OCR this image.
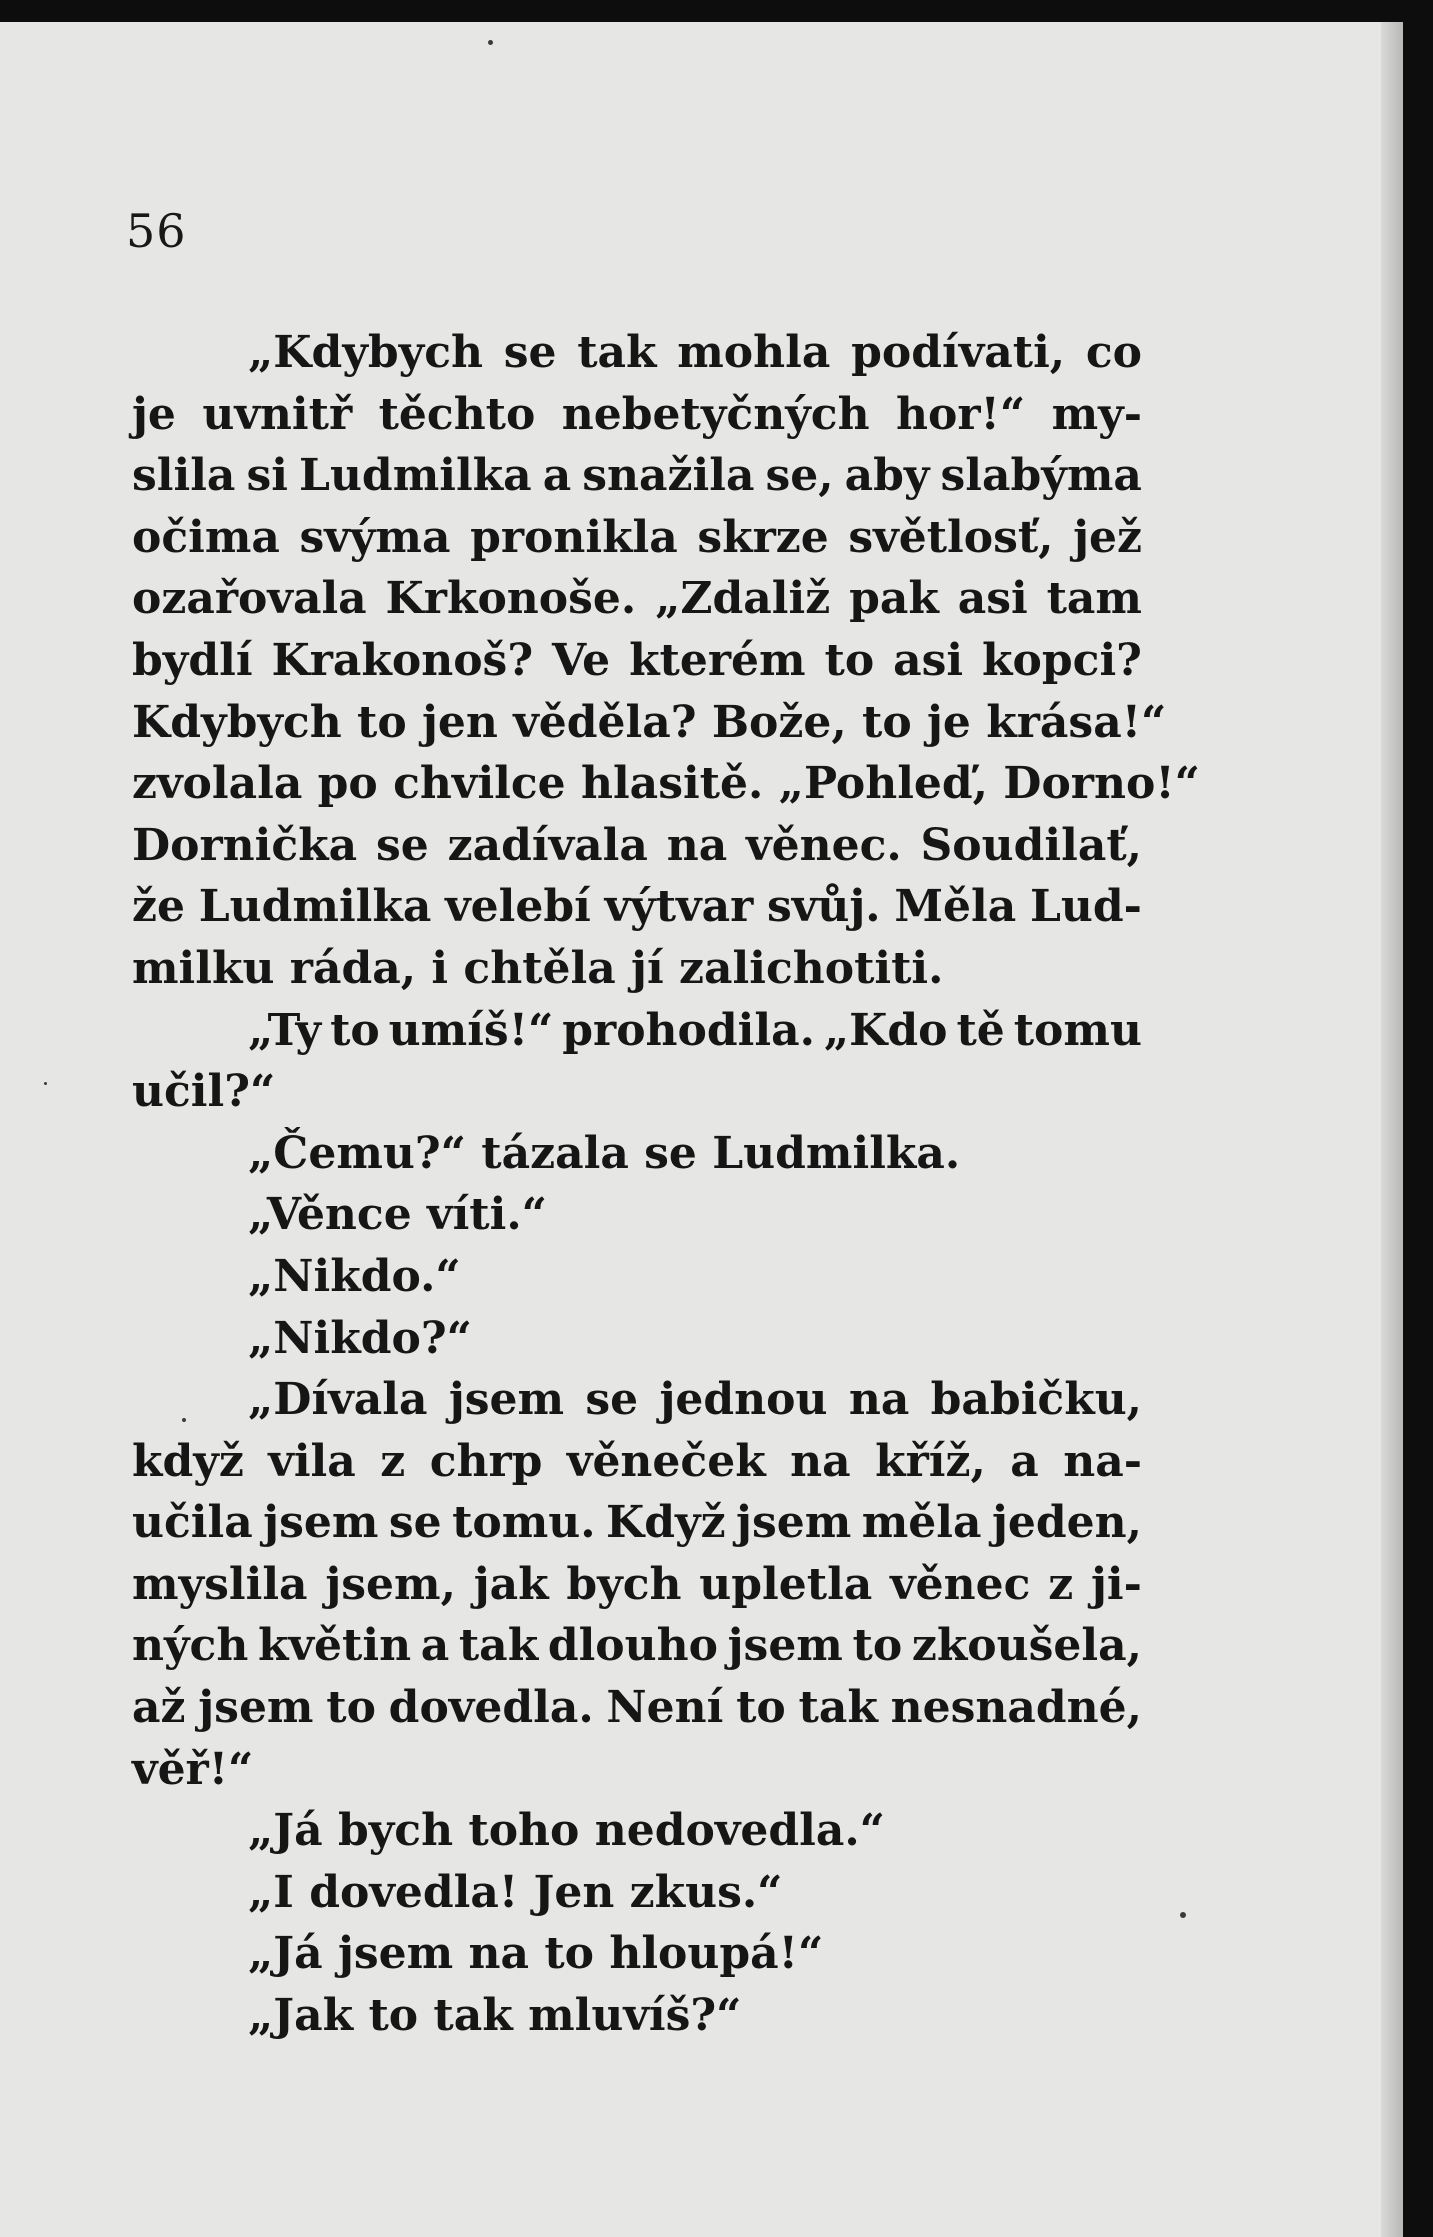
56
„Kdybych se tak mohla podívati, co
je uvnitř těchto nebetyčných hor!“ my-
slila si Ludmilka a snažila se, aby slabýma
očima svýma pronikla skrze světlosť, jež
ozařovala Krkonoše. „Zdaliž pak asi tam
bydlí Krakonoš? Ve kterém to asi kopci?
Kdybych to jen věděla? Bože, to je krása!“
zvolala po chvilce hlasitě. „Pohleď, Dorno!“
Dornička se zadívala na věnec. Soudilať,
že Ludmilka velebí výtvar svůj. Měla Lud-
milku ráda, i chtěla jí zalichotiti.
„Ty to umíš!“ prohodila. „Kdo tě tomu
učil?“
„Čemu?“ tázala se Ludmilka.
„Věnce víti.“
„Nikdo.“
„Nikdo?“
„Dívala jsem se jednou na babičku,
když vila z chrp věneček na kříž, a na-
učila jsem se tomu. Když jsem měla jeden,
myslila jsem, jak bych upletla věnec z ji-
ných květin a tak dlouho jsem to zkoušela,
až jsem to dovedla. Není to tak nesnadné,
věř!“
„Já bych toho nedovedla.“
„I dovedla! Jen zkus.“
„Já jsem na to hloupá!“
„Jak to tak mluvíš?“
